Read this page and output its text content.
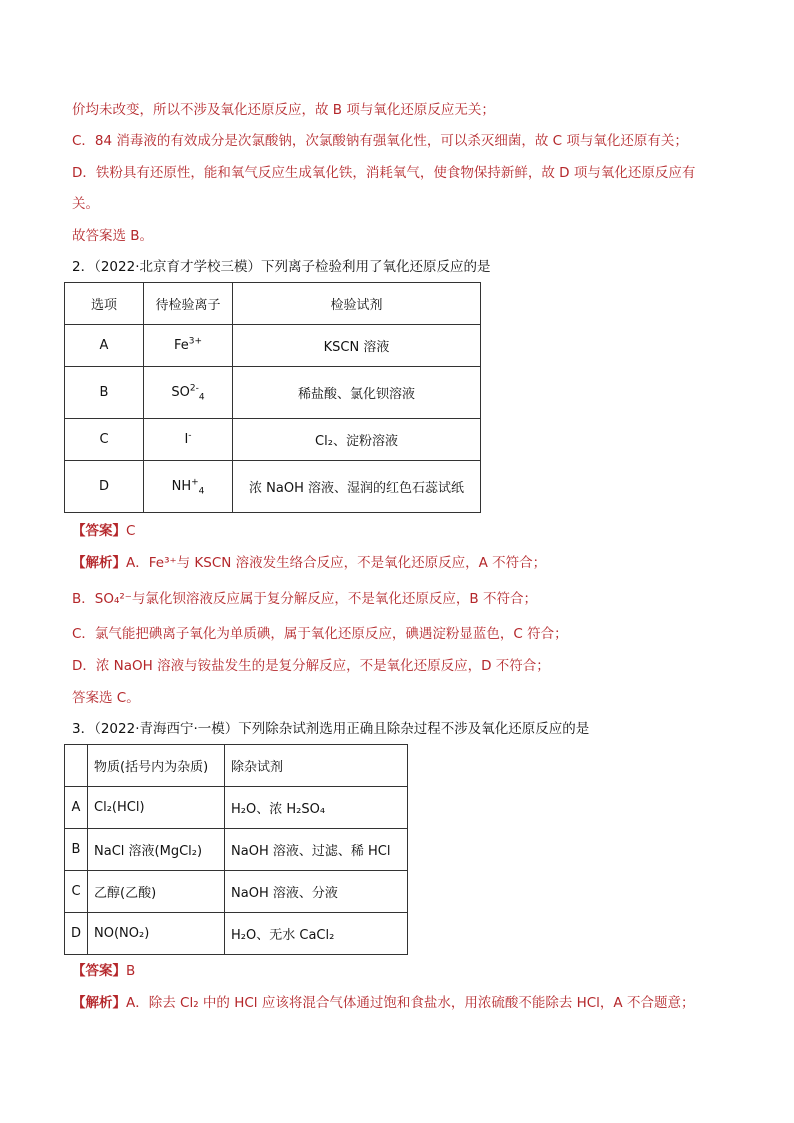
价均未改变，所以不涉及氧化还原反应，故 B 项与氧化还原反应无关；
C．84 消毒液的有效成分是次氯酸钠，次氯酸钠有强氧化性，可以杀灭细菌，故 C 项与氧化还原有关；
D．铁粉具有还原性，能和氧气反应生成氧化铁，消耗氧气，使食物保持新鲜，故 D 项与氧化还原反应有
关。
故答案选 B。
2．（2022·北京育才学校三模）下列离子检验利用了氧化还原反应的是
选项	待检验离子	检验试剂
A	$Fe^{3+}$	KSCN 溶液
B	$SO^{2-}_4$	稀盐酸、氯化钡溶液
C	I-	Cl₂、淀粉溶液
D	$NH^+_4$	浓 NaOH 溶液、湿润的红色石蕊试纸
【答案】C
【解析】A．Fe³⁺与 KSCN 溶液发生络合反应，不是氧化还原反应，A 不符合；
B．SO₄²⁻与氯化钡溶液反应属于复分解反应，不是氧化还原反应，B 不符合；
C．氯气能把碘离子氧化为单质碘，属于氧化还原反应，碘遇淀粉显蓝色，C 符合；
D．浓 NaOH 溶液与铵盐发生的是复分解反应，不是氧化还原反应，D 不符合；
答案选 C。
3．（2022·青海西宁·一模）下列除杂试剂选用正确且除杂过程不涉及氧化还原反应的是
	物质(括号内为杂质)	除杂试剂
A	Cl₂(HCl)	H₂O、浓 H₂SO₄
B	NaCl 溶液(MgCl₂)	NaOH 溶液、过滤、稀 HCl
C	乙醇(乙酸)	NaOH 溶液、分液
D	NO(NO₂)	H₂O、无水 CaCl₂
【答案】B
【解析】A．除去 Cl₂ 中的 HCl 应该将混合气体通过饱和食盐水，用浓硫酸不能除去 HCl，A 不合题意；
